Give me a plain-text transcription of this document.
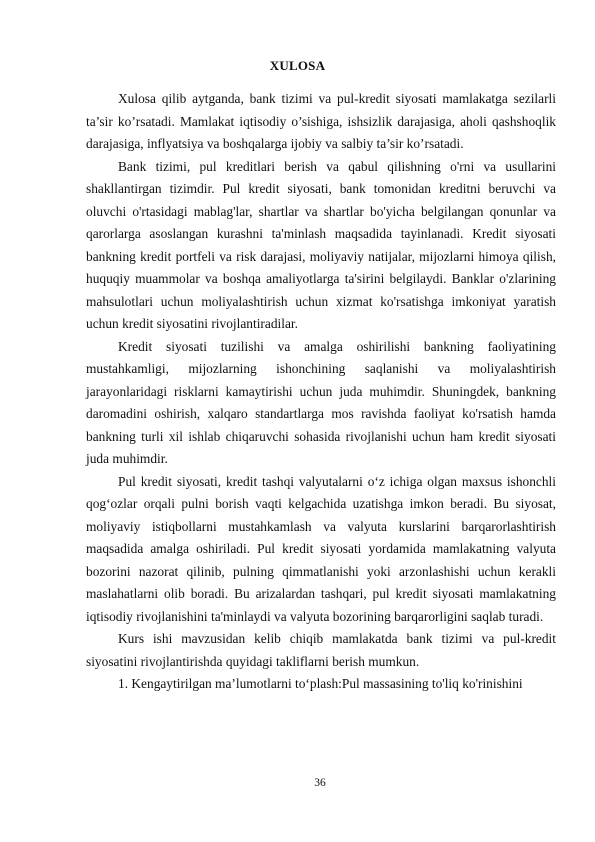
XULOSA

Xulosa qilib aytganda, bank tizimi va pul-kredit siyosati mamlakatga sezilarli ta’sir ko’rsatadi. Mamlakat iqtisodiy o’sishiga, ishsizlik darajasiga, aholi qashshoqlik darajasiga, inflyatsiya va boshqalarga ijobiy va salbiy ta’sir ko’rsatadi.

Bank tizimi, pul kreditlari berish va qabul qilishning o'rni va usullarini shakllantirgan tizimdir. Pul kredit siyosati, bank tomonidan kreditni beruvchi va oluvchi o'rtasidagi mablag'lar, shartlar va shartlar bo'yicha belgilangan qonunlar va qarorlarga asoslangan kurashni ta'minlash maqsadida tayinlanadi. Kredit siyosati bankning kredit portfeli va risk darajasi, moliyaviy natijalar, mijozlarni himoya qilish, huquqiy muammolar va boshqa amaliyotlarga ta'sirini belgilaydi. Banklar o'zlarining mahsulotlari uchun moliyalashtirish uchun xizmat ko'rsatishga imkoniyat yaratish uchun kredit siyosatini rivojlantiradilar.

Kredit siyosati tuzilishi va amalga oshirilishi bankning faoliyatining mustahkamligi, mijozlarning ishonchining saqlanishi va moliyalashtirish jarayonlaridagi risklarni kamaytirishi uchun juda muhimdir. Shuningdek, bankning daromadini oshirish, xalqaro standartlarga mos ravishda faoliyat ko'rsatish hamda bankning turli xil ishlab chiqaruvchi sohasida rivojlanishi uchun ham kredit siyosati juda muhimdir.

Pul kredit siyosati, kredit tashqi valyutalarni o‘z ichiga olgan maxsus ishonchli qog‘ozlar orqali pulni borish vaqti kelgachida uzatishga imkon beradi. Bu siyosat, moliyaviy istiqbollarni mustahkamlash va valyuta kurslarini barqarorlashtirish maqsadida amalga oshiriladi. Pul kredit siyosati yordamida mamlakatning valyuta bozorini nazorat qilinib, pulning qimmatlanishi yoki arzonlashishi uchun kerakli maslahatlarni olib boradi. Bu arizalardan tashqari, pul kredit siyosati mamlakatning iqtisodiy rivojlanishini ta'minlaydi va valyuta bozorining barqarorligini saqlab turadi.

Kurs ishi mavzusidan kelib chiqib mamlakatda bank tizimi va pul-kredit siyosatini rivojlantirishda quyidagi takliflarni berish mumkun.

1. Kengaytirilgan maʼlumotlarni toʻplash:Pul massasining to'liq ko'rinishini

36
